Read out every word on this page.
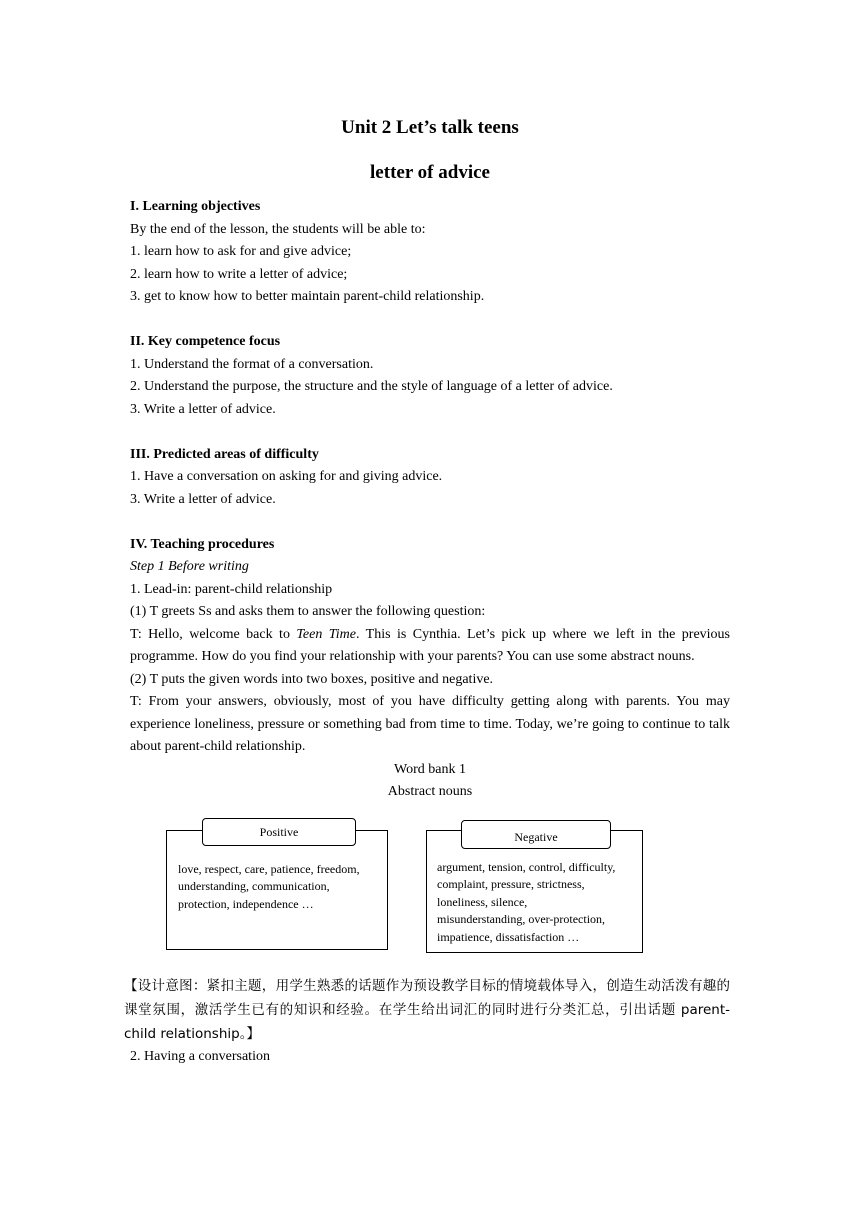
Unit 2 Let’s talk teens
letter of advice

I. Learning objectives

By the end of the lesson, the students will be able to:

1. learn how to ask for and give advice;

2. learn how to write a letter of advice;

3. get to know how to better maintain parent-child relationship.

II. Key competence focus

1. Understand the format of a conversation.

2. Understand the purpose, the structure and the style of language of a letter of advice.

3. Write a letter of advice.

III. Predicted areas of difficulty

1. Have a conversation on asking for and giving advice.

3. Write a letter of advice.

IV. Teaching procedures

Step 1 Before writing

1. Lead-in: parent-child relationship

(1) T greets Ss and asks them to answer the following question:

T: Hello, welcome back to Teen Time. This is Cynthia. Let’s pick up where we left in the previous programme. How do you find your relationship with your parents? You can use some abstract nouns.

(2) T puts the given words into two boxes, positive and negative.

T: From your answers, obviously, most of you have difficulty getting along with parents. You may experience loneliness, pressure or something bad from time to time. Today, we’re going to continue to talk about parent-child relationship.

Word bank 1

Abstract nouns

Positive
love, respect, care, patience, freedom,
understanding, communication,
protection, independence …
Negative
argument, tension, control, difficulty,
complaint, pressure, strictness,
loneliness, silence,
misunderstanding, over-protection,
impatience, dissatisfaction …

【设计意图：紧扣主题，用学生熟悉的话题作为预设教学目标的情境载体导入，创造生动活泼有趣的课堂氛围，激活学生已有的知识和经验。在学生给出词汇的同时进行分类汇总，引出话题 parent-child relationship。】

2. Having a conversation
